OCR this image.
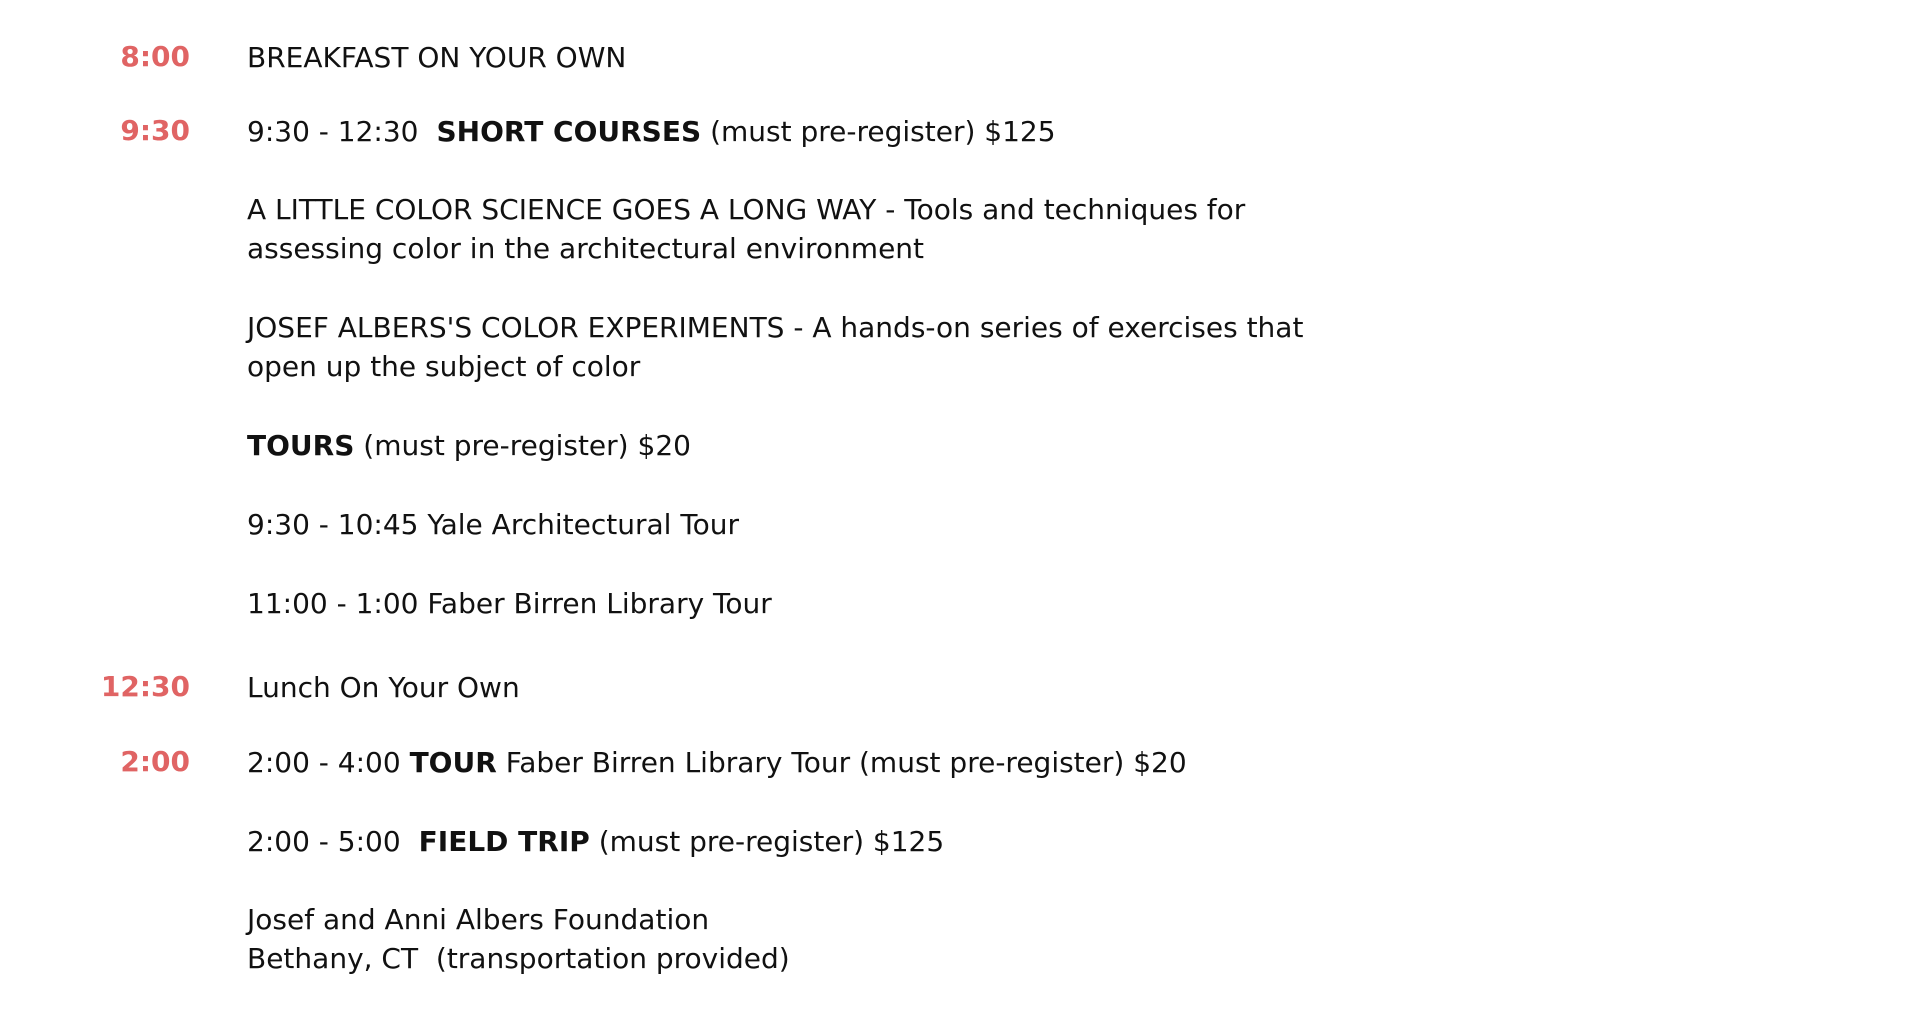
8:00 BREAKFAST ON YOUR OWN
9:30 9:30 - 12:30 SHORT COURSES (must pre-register) $125
A LITTLE COLOR SCIENCE GOES A LONG WAY - Tools and techniques for
assessing color in the architectural environment
JOSEF ALBERS'S COLOR EXPERIMENTS - A hands-on series of exercises that
open up the subject of color
TOURS (must pre-register) $20
9:30 - 10:45 Yale Architectural Tour
11:00 - 1:00 Faber Birren Library Tour
12:30 Lunch On Your Own
2:00 2:00 - 4:00 TOUR Faber Birren Library Tour (must pre-register) $20
2:00 - 5:00 FIELD TRIP (must pre-register) $125
Josef and Anni Albers Foundation
Bethany, CT  (transportation provided)
